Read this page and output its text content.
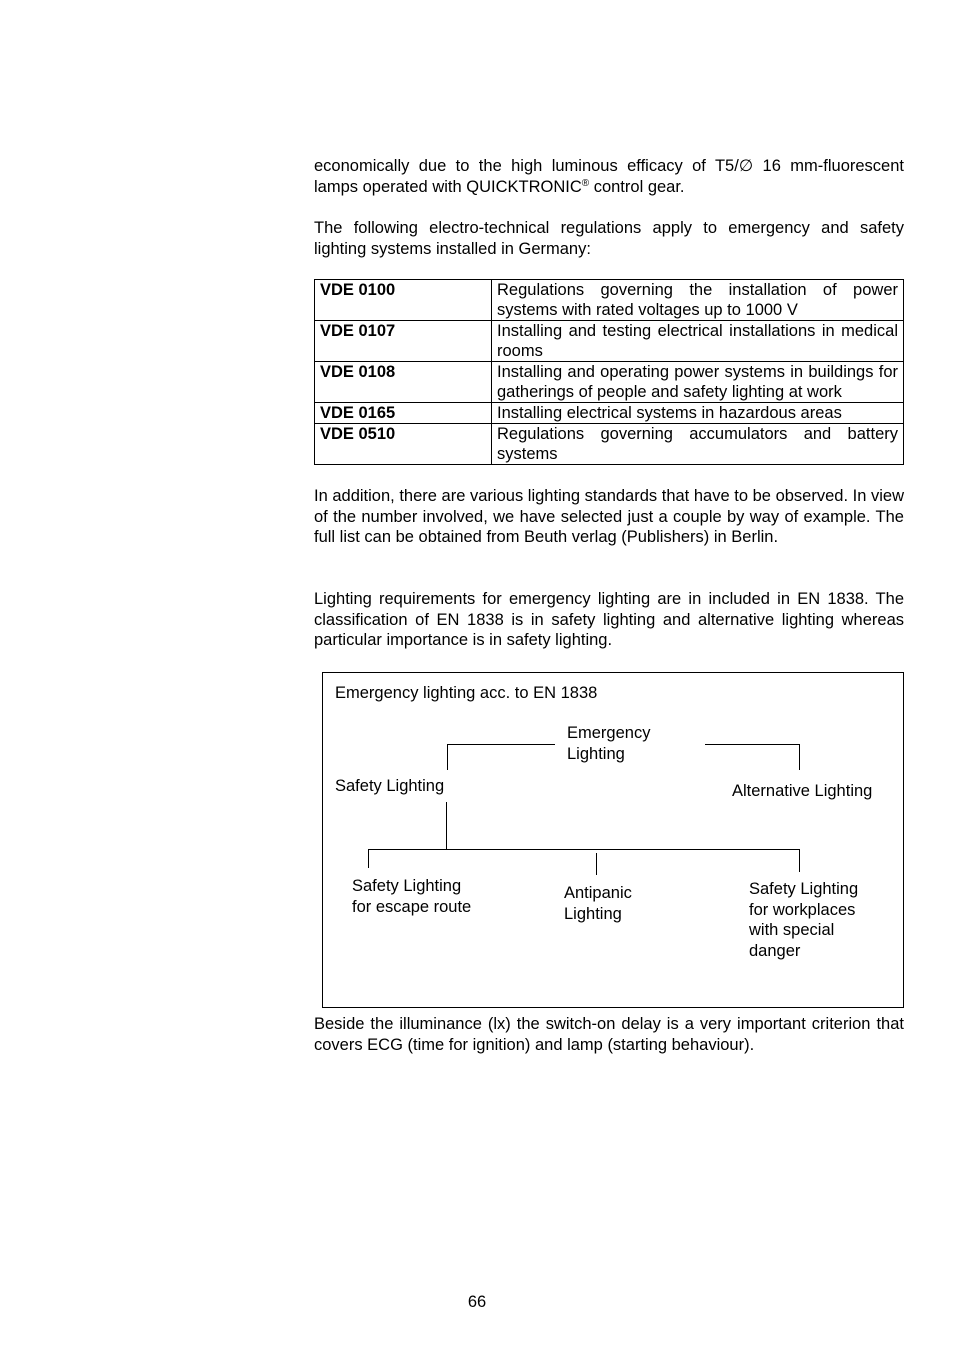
economically due to the high luminous efficacy of T5/∅ 16 mm-fluorescent lamps operated with QUICKTRONIC® control gear.

The following electro-technical regulations apply to emergency and safety lighting systems installed in Germany:

VDE 0100	Regulations governing the installation of power systems with rated voltages up to 1000 V
VDE 0107	Installing and testing electrical installations in medical rooms
VDE 0108	Installing and operating power systems in buildings for gatherings of people and safety lighting at work
VDE 0165	Installing electrical systems in hazardous areas
VDE 0510	Regulations governing accumulators and battery systems

In addition, there are various lighting standards that have to be observed. In view of the number involved, we have selected just a couple by way of example. The full list can be obtained from Beuth verlag (Publishers) in Berlin.

Lighting requirements for emergency lighting are in included in EN 1838. The classification of EN 1838 is in safety lighting and alternative lighting whereas particular importance is in safety lighting.

Emergency lighting acc. to EN 1838
Emergency
Lighting
Safety Lighting	Alternative Lighting
Safety Lighting
for escape route
Antipanic
Lighting
Safety Lighting
for workplaces
with special
danger

Beside the illuminance (lx) the switch-on delay is a very important criterion that covers ECG (time for ignition) and lamp (starting behaviour).

66
